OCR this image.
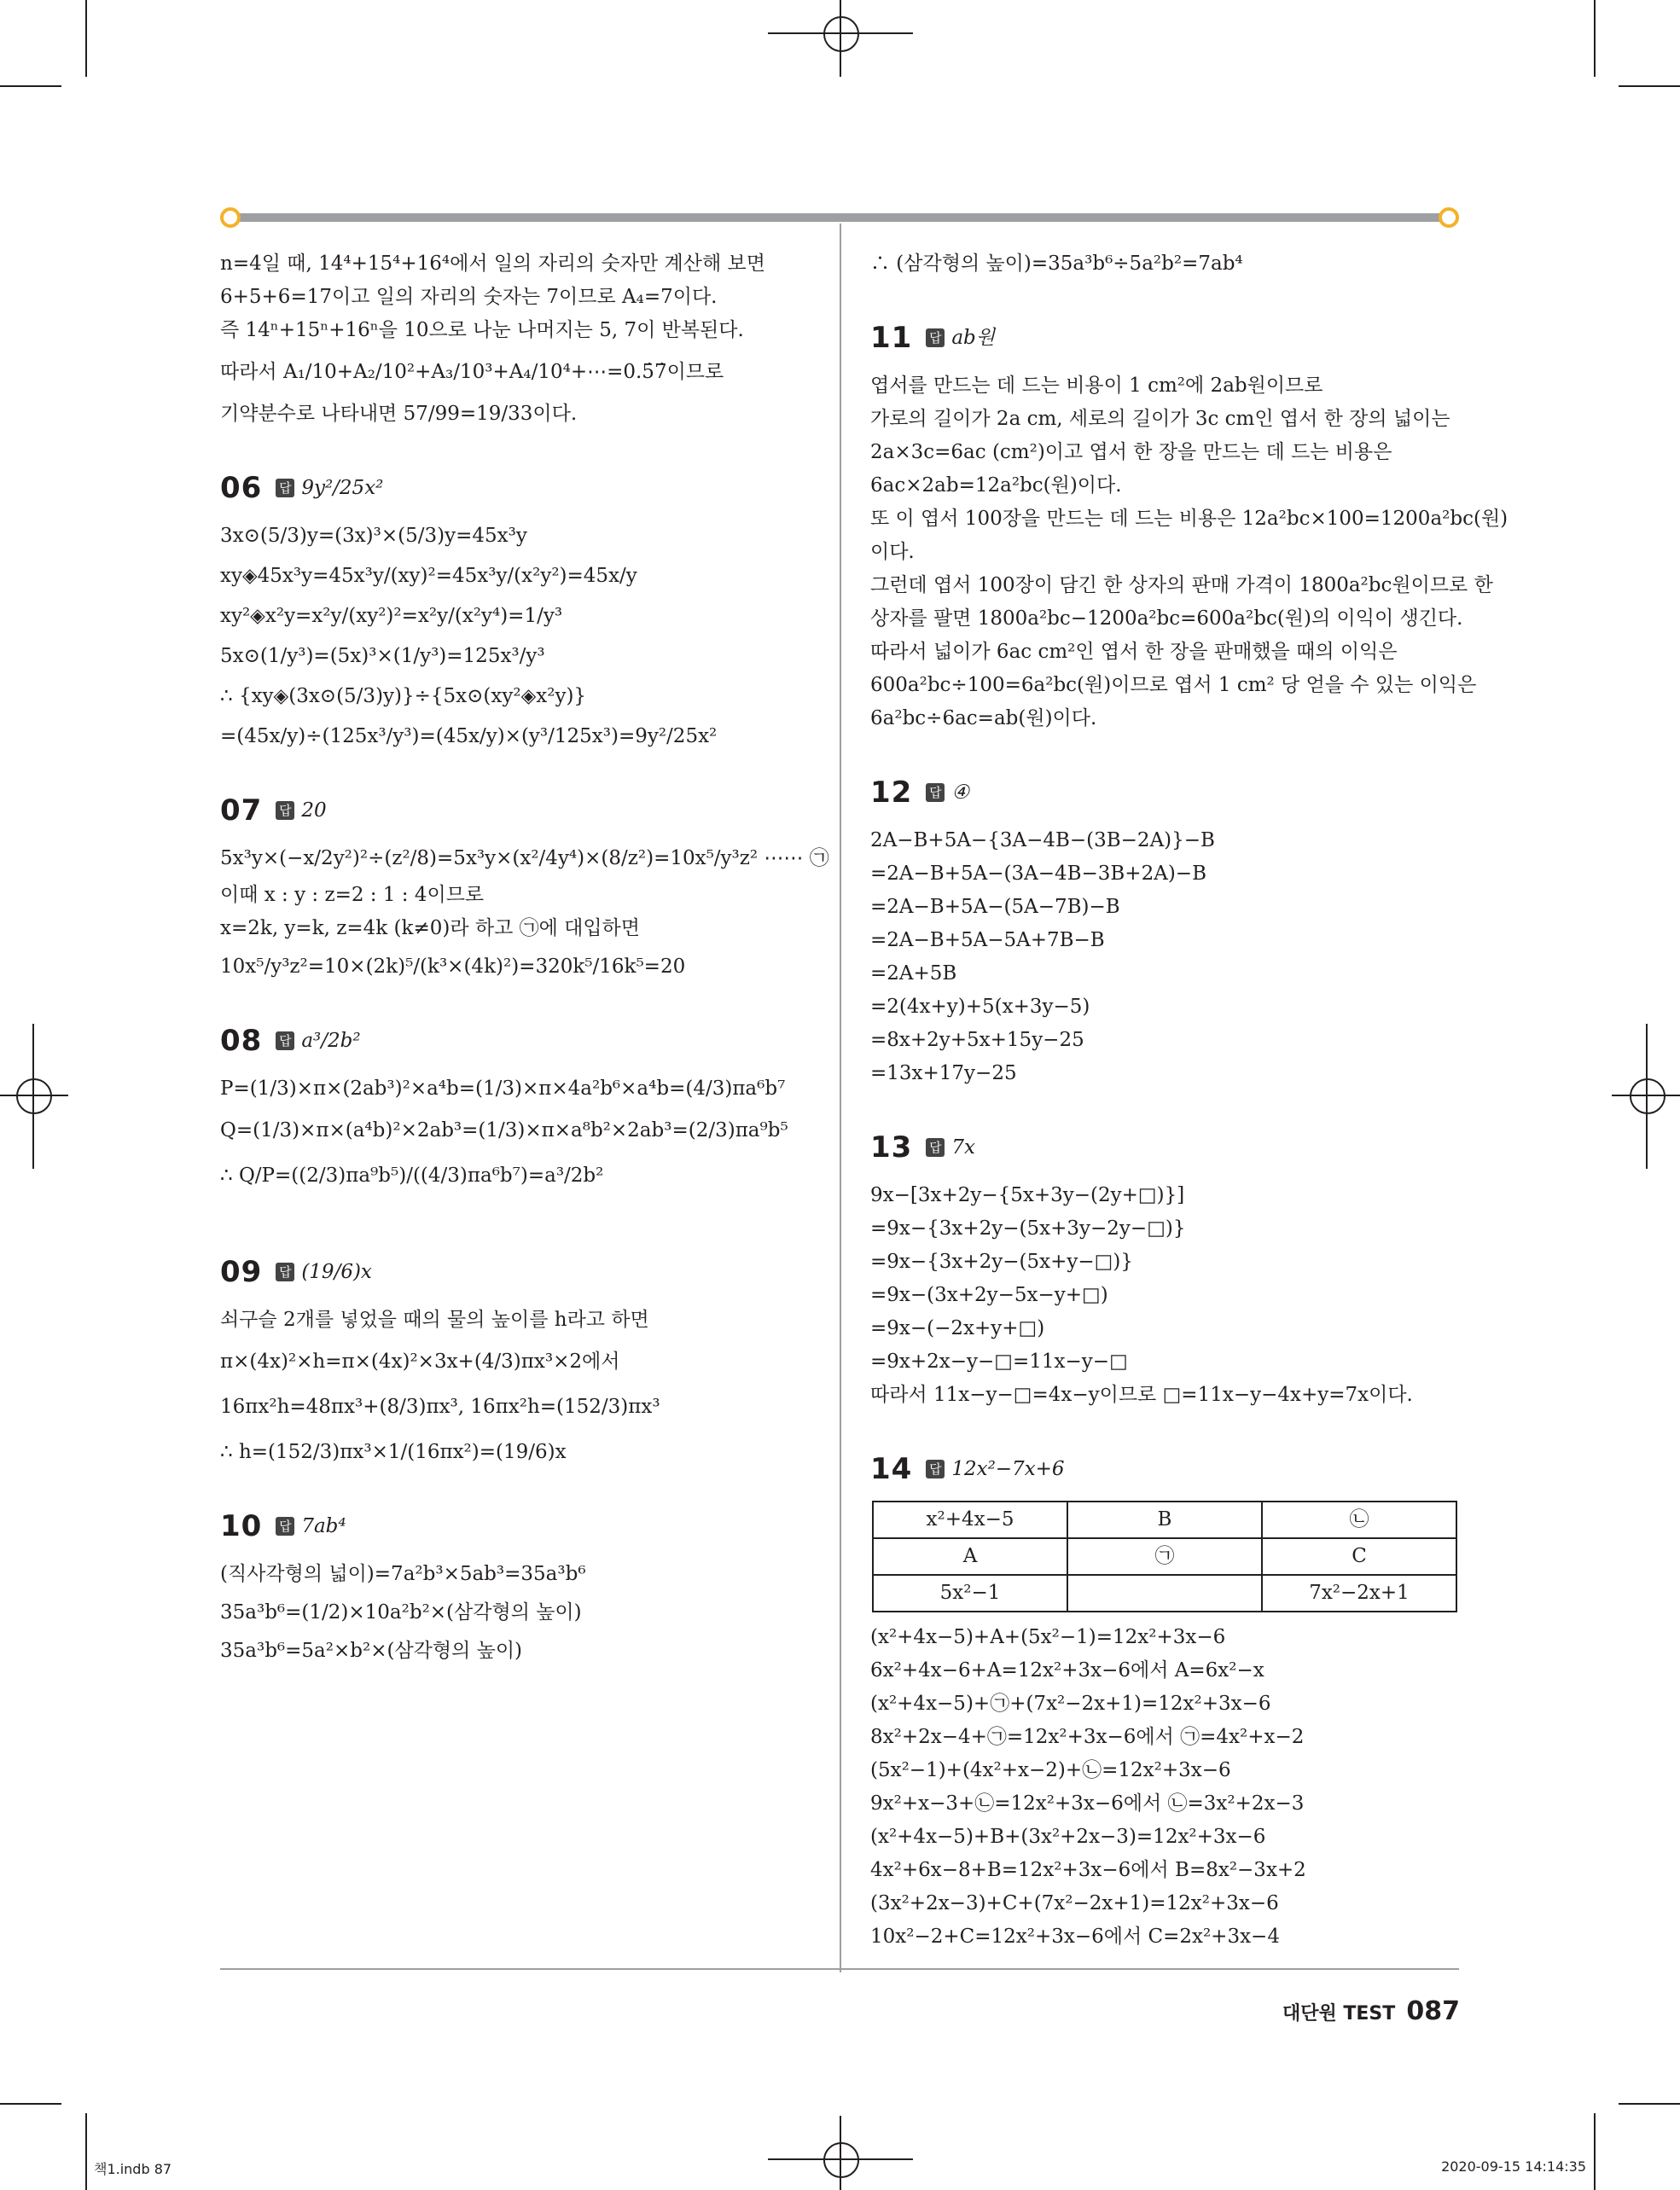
n=4일 때, 14⁴+15⁴+16⁴에서 일의 자리의 숫자만 계산해 보면
6+5+6=17이고 일의 자리의 숫자는 7이므로 A₄=7이다.
즉 14ⁿ+15ⁿ+16ⁿ을 10으로 나눈 나머지는 5, 7이 반복된다.
따라서 A₁/10+A₂/10²+A₃/10³+A₄/10⁴+⋯=0.5̇7̇이므로
기약분수로 나타내면 57/99=19/33이다.
06 답 9y²/25x²
3x⊙(5/3)y=(3x)³×(5/3)y=45x³y
xy◈45x³y=45x³y/(xy)²=45x³y/(x²y²)=45x/y
xy²◈x²y=x²y/(xy²)²=x²y/(x²y⁴)=1/y³
5x⊙(1/y³)=(5x)³×(1/y³)=125x³/y³
∴ {xy◈(3x⊙(5/3)y)}÷{5x⊙(xy²◈x²y)}
=(45x/y)÷(125x³/y³)=(45x/y)×(y³/125x³)=9y²/25x²
07 답 20
5x³y×(−x/2y²)²÷(z²/8)=5x³y×(x²/4y⁴)×(8/z²)=10x⁵/y³z² ⋯⋯ ㉠
이때 x : y : z=2 : 1 : 4이므로
x=2k, y=k, z=4k (k≠0)라 하고 ㉠에 대입하면
10x⁵/y³z²=10×(2k)⁵/(k³×(4k)²)=320k⁵/16k⁵=20
08 답 a³/2b²
P=(1/3)×π×(2ab³)²×a⁴b=(1/3)×π×4a²b⁶×a⁴b=(4/3)πa⁶b⁷
Q=(1/3)×π×(a⁴b)²×2ab³=(1/3)×π×a⁸b²×2ab³=(2/3)πa⁹b⁵
∴ Q/P=((2/3)πa⁹b⁵)/((4/3)πa⁶b⁷)=a³/2b²
09 답 (19/6)x
쇠구슬 2개를 넣었을 때의 물의 높이를 h라고 하면
π×(4x)²×h=π×(4x)²×3x+(4/3)πx³×2에서
16πx²h=48πx³+(8/3)πx³, 16πx²h=(152/3)πx³
∴ h=(152/3)πx³×1/(16πx²)=(19/6)x
10 답 7ab⁴
(직사각형의 넓이)=7a²b³×5ab³=35a³b⁶
35a³b⁶=(1/2)×10a²b²×(삼각형의 높이)
35a³b⁶=5a²×b²×(삼각형의 높이)
∴ (삼각형의 높이)=35a³b⁶÷5a²b²=7ab⁴
11 답 ab원
엽서를 만드는 데 드는 비용이 1 cm²에 2ab원이므로
가로의 길이가 2a cm, 세로의 길이가 3c cm인 엽서 한 장의 넓이는
2a×3c=6ac (cm²)이고 엽서 한 장을 만드는 데 드는 비용은
6ac×2ab=12a²bc(원)이다.
또 이 엽서 100장을 만드는 데 드는 비용은 12a²bc×100=1200a²bc(원)
이다.
그런데 엽서 100장이 담긴 한 상자의 판매 가격이 1800a²bc원이므로 한
상자를 팔면 1800a²bc−1200a²bc=600a²bc(원)의 이익이 생긴다.
따라서 넓이가 6ac cm²인 엽서 한 장을 판매했을 때의 이익은
600a²bc÷100=6a²bc(원)이므로 엽서 1 cm² 당 얻을 수 있는 이익은
6a²bc÷6ac=ab(원)이다.
12 답 ④
2A−B+5A−{3A−4B−(3B−2A)}−B
=2A−B+5A−(3A−4B−3B+2A)−B
=2A−B+5A−(5A−7B)−B
=2A−B+5A−5A+7B−B
=2A+5B
=2(4x+y)+5(x+3y−5)
=8x+2y+5x+15y−25
=13x+17y−25
13 답 7x
9x−[3x+2y−{5x+3y−(2y+□)}]
=9x−{3x+2y−(5x+3y−2y−□)}
=9x−{3x+2y−(5x+y−□)}
=9x−(3x+2y−5x−y+□)
=9x−(−2x+y+□)
=9x+2x−y−□=11x−y−□
따라서 11x−y−□=4x−y이므로 □=11x−y−4x+y=7x이다.
14 답 12x²−7x+6
x²+4x−5	B	㉡
A	㉠	C
5x²−1		7x²−2x+1
(x²+4x−5)+A+(5x²−1)=12x²+3x−6
6x²+4x−6+A=12x²+3x−6에서 A=6x²−x
(x²+4x−5)+㉠+(7x²−2x+1)=12x²+3x−6
8x²+2x−4+㉠=12x²+3x−6에서 ㉠=4x²+x−2
(5x²−1)+(4x²+x−2)+㉡=12x²+3x−6
9x²+x−3+㉡=12x²+3x−6에서 ㉡=3x²+2x−3
(x²+4x−5)+B+(3x²+2x−3)=12x²+3x−6
4x²+6x−8+B=12x²+3x−6에서 B=8x²−3x+2
(3x²+2x−3)+C+(7x²−2x+1)=12x²+3x−6
10x²−2+C=12x²+3x−6에서 C=2x²+3x−4
대단원 TEST 087
책1.indb 87	2020-09-15 14:14:35
